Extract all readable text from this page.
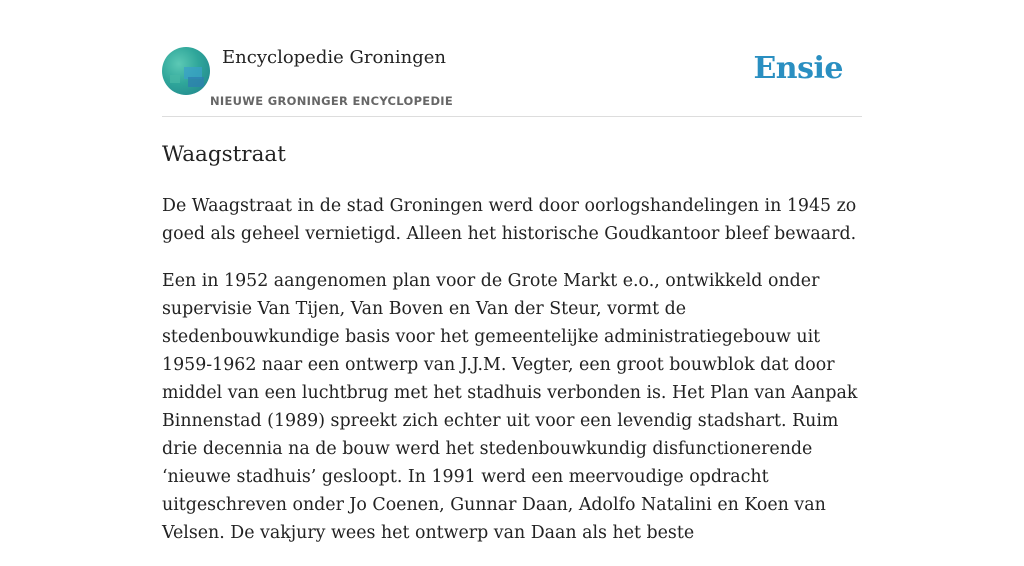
Encyclopedie Groningen
NIEUWE GRONINGER ENCYCLOPEDIE
Ensie
Waagstraat

De Waagstraat in de stad Groningen werd door oorlogshandelingen in 1945 zo goed als geheel vernietigd. Alleen het historische Goudkantoor bleef bewaard.

Een in 1952 aangenomen plan voor de Grote Markt e.o., ontwikkeld onder supervisie Van Tijen, Van Boven en Van der Steur, vormt de stedenbouwkundige basis voor het gemeentelijke administratiegebouw uit 1959-1962 naar een ontwerp van J.J.M. Vegter, een groot bouwblok dat door middel van een luchtbrug met het stadhuis verbonden is. Het Plan van Aanpak Binnenstad (1989) spreekt zich echter uit voor een levendig stadshart. Ruim drie decennia na de bouw werd het stedenbouwkundig disfunctionerende ‘nieuwe stadhuis’ gesloopt. In 1991 werd een meervoudige opdracht uitgeschreven onder Jo Coenen, Gunnar Daan, Adolfo Natalini en Koen van Velsen. De vakjury wees het ontwerp van Daan als het beste
